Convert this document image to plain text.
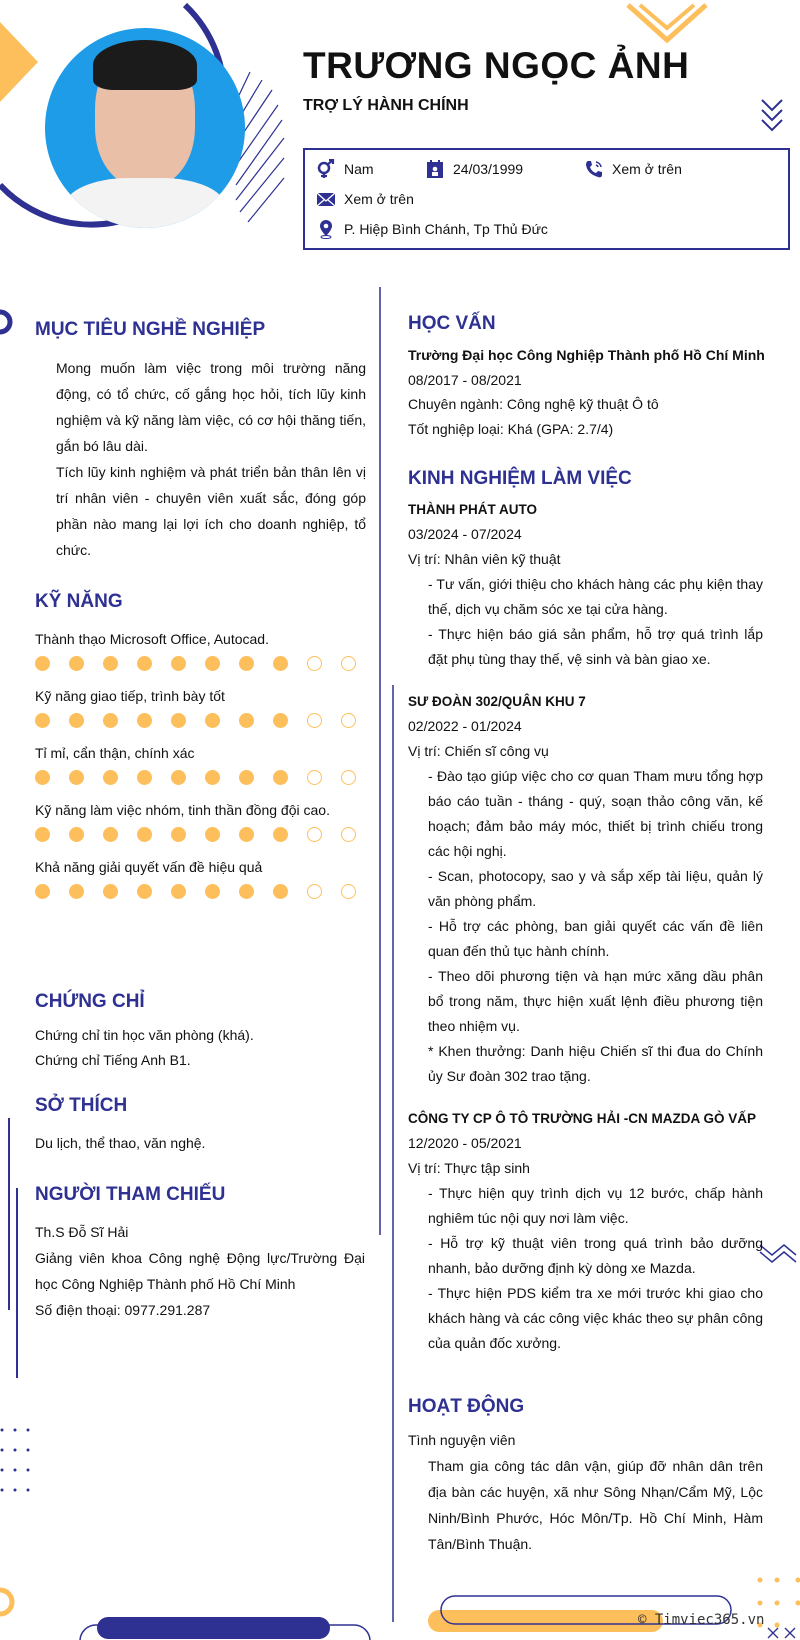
TRƯƠNG NGỌC ẢNH
TRỢ LÝ HÀNH CHÍNH
Nam	24/03/1999	Xem ở trên
Xem ở trên
P. Hiệp Bình Chánh, Tp Thủ Đức
MỤC TIÊU NGHỀ NGHIỆP

Mong muốn làm việc trong môi trường năng động, có tổ chức, cố gắng học hỏi, tích lũy kinh nghiệm và kỹ năng làm việc, có cơ hội thăng tiến, gắn bó lâu dài.

Tích lũy kinh nghiệm và phát triển bản thân lên vị trí nhân viên - chuyên viên xuất sắc, đóng góp phần nào mang lại lợi ích cho doanh nghiệp, tổ chức.

KỸ NĂNG
Thành thạo Microsoft Office, Autocad.
Kỹ năng giao tiếp, trình bày tốt
Tỉ mỉ, cẩn thận, chính xác
Kỹ năng làm việc nhóm, tinh thần đồng đội cao.
Khả năng giải quyết vấn đề hiệu quả
CHỨNG CHỈ

Chứng chỉ tin học văn phòng (khá).

Chứng chỉ Tiếng Anh B1.

SỞ THÍCH
Du lịch, thể thao, văn nghệ.
NGƯỜI THAM CHIẾU

Th.S Đỗ Sĩ Hải

Giảng viên khoa Công nghệ Động lực/Trường Đại học Công Nghiệp Thành phố Hồ Chí Minh

Số điện thoại: 0977.291.287

HỌC VẤN

Trường Đại học Công Nghiệp Thành phố Hồ Chí Minh

08/2017 - 08/2021

Chuyên ngành: Công nghệ kỹ thuật Ô tô

Tốt nghiệp loại: Khá (GPA: 2.7/4)

KINH NGHIỆM LÀM VIỆC

THÀNH PHÁT AUTO

03/2024 - 07/2024

Vị trí: Nhân viên kỹ thuật

- Tư vấn, giới thiệu cho khách hàng các phụ kiện thay thế, dịch vụ chăm sóc xe tại cửa hàng.

- Thực hiện báo giá sản phẩm, hỗ trợ quá trình lắp đặt phụ tùng thay thế, vệ sinh và bàn giao xe.

SƯ ĐOÀN 302/QUÂN KHU 7

02/2022 - 01/2024

Vị trí: Chiến sĩ công vụ

- Đào tạo giúp việc cho cơ quan Tham mưu tổng hợp báo cáo tuần - tháng - quý, soạn thảo công văn, kế hoạch; đảm bảo máy móc, thiết bị trình chiếu trong các hội nghị.

- Scan, photocopy, sao y và sắp xếp tài liệu, quản lý văn phòng phẩm.

- Hỗ trợ các phòng, ban giải quyết các vấn đề liên quan đến thủ tục hành chính.

- Theo dõi phương tiện và hạn mức xăng dầu phân bổ trong năm, thực hiện xuất lệnh điều phương tiện theo nhiệm vụ.

* Khen thưởng: Danh hiệu Chiến sĩ thi đua do Chính ủy Sư đoàn 302 trao tặng.

CÔNG TY CP Ô TÔ TRƯỜNG HẢI -CN MAZDA GÒ VẤP

12/2020 - 05/2021

Vị trí: Thực tập sinh

- Thực hiện quy trình dịch vụ 12 bước, chấp hành nghiêm túc nội quy nơi làm việc.

- Hỗ trợ kỹ thuật viên trong quá trình bảo dưỡng nhanh, bảo dưỡng định kỳ dòng xe Mazda.

- Thực hiện PDS kiểm tra xe mới trước khi giao cho khách hàng và các công việc khác theo sự phân công của quản đốc xưởng.

HOẠT ĐỘNG

Tình nguyện viên

Tham gia công tác dân vận, giúp đỡ nhân dân trên địa bàn các huyện, xã như Sông Nhạn/Cẩm Mỹ, Lộc Ninh/Bình Phước, Hóc Môn/Tp. Hồ Chí Minh, Hàm Tân/Bình Thuận.

© Timviec365.vn
